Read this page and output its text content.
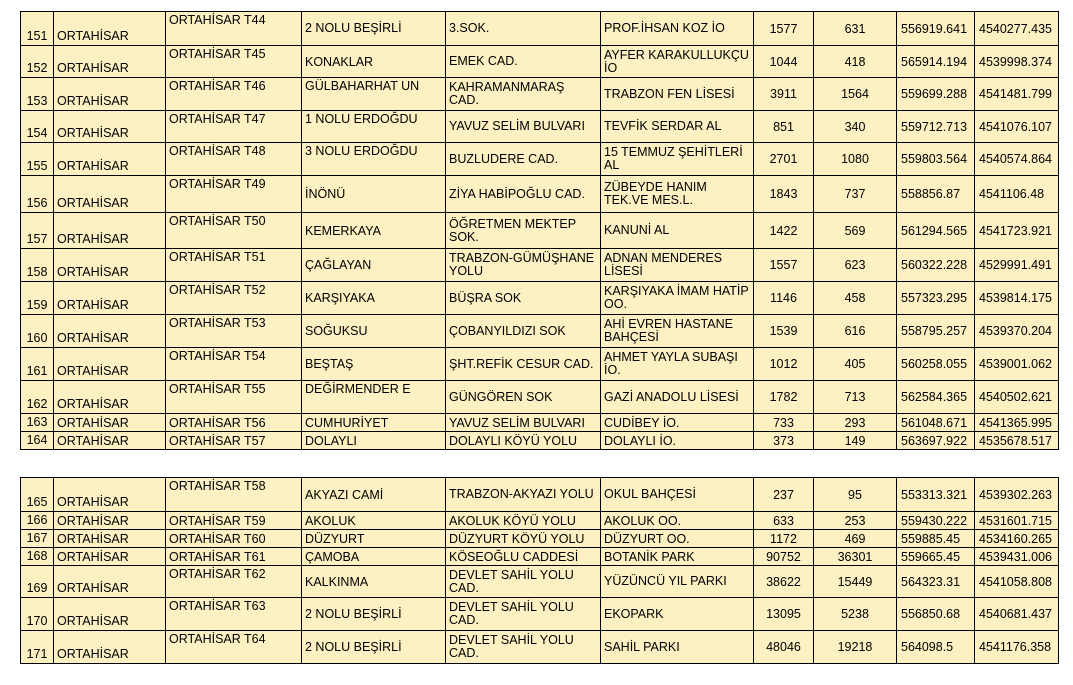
151	ORTAHİSAR	ORTAHİSAR T44	2 NOLU BEŞİRLİ	3.SOK.	PROF.İHSAN KOZ İO	1577	631	556919.641	4540277.435
152	ORTAHİSAR	ORTAHİSAR T45	KONAKLAR	EMEK CAD.	AYFER KARAKULLUKÇU İO	1044	418	565914.194	4539998.374
153	ORTAHİSAR	ORTAHİSAR T46	GÜLBAHARHAT UN	KAHRAMANMARAŞ CAD.	TRABZON FEN LİSESİ	3911	1564	559699.288	4541481.799
154	ORTAHİSAR	ORTAHİSAR T47	1 NOLU ERDOĞDU	YAVUZ SELİM BULVARI	TEVFİK SERDAR AL	851	340	559712.713	4541076.107
155	ORTAHİSAR	ORTAHİSAR T48	3 NOLU ERDOĞDU	BUZLUDERE CAD.	15 TEMMUZ ŞEHİTLERİ AL	2701	1080	559803.564	4540574.864
156	ORTAHİSAR	ORTAHİSAR T49	İNÖNÜ	ZİYA HABİPOĞLU CAD.	ZÜBEYDE HANIM TEK.VE MES.L.	1843	737	558856.87	4541106.48
157	ORTAHİSAR	ORTAHİSAR T50	KEMERKAYA	ÖĞRETMEN MEKTEP SOK.	KANUNİ AL	1422	569	561294.565	4541723.921
158	ORTAHİSAR	ORTAHİSAR T51	ÇAĞLAYAN	TRABZON-GÜMÜŞHANE YOLU	ADNAN MENDERES LİSESİ	1557	623	560322.228	4529991.491
159	ORTAHİSAR	ORTAHİSAR T52	KARŞIYAKA	BÜŞRA SOK	KARŞIYAKA İMAM HATİP OO.	1146	458	557323.295	4539814.175
160	ORTAHİSAR	ORTAHİSAR T53	SOĞUKSU	ÇOBANYILDIZI SOK	AHİ EVREN HASTANE BAHÇESİ	1539	616	558795.257	4539370.204
161	ORTAHİSAR	ORTAHİSAR T54	BEŞTAŞ	ŞHT.REFİK CESUR CAD.	AHMET YAYLA SUBAŞI İO.	1012	405	560258.055	4539001.062
162	ORTAHİSAR	ORTAHİSAR T55	DEĞİRMENDER E	GÜNGÖREN SOK	GAZİ ANADOLU LİSESİ	1782	713	562584.365	4540502.621
163	ORTAHİSAR	ORTAHİSAR T56	CUMHURİYET	YAVUZ SELİM BULVARI	CUDİBEY İO.	733	293	561048.671	4541365.995
164	ORTAHİSAR	ORTAHİSAR T57	DOLAYLI	DOLAYLI KÖYÜ YOLU	DOLAYLI İO.	373	149	563697.922	4535678.517
165	ORTAHİSAR	ORTAHİSAR T58	AKYAZI CAMİ	TRABZON-AKYAZI YOLU	OKUL BAHÇESİ	237	95	553313.321	4539302.263
166	ORTAHİSAR	ORTAHİSAR T59	AKOLUK	AKOLUK KÖYÜ YOLU	AKOLUK OO.	633	253	559430.222	4531601.715
167	ORTAHİSAR	ORTAHİSAR T60	DÜZYURT	DÜZYURT KÖYÜ YOLU	DÜZYURT OO.	1172	469	559885.45	4534160.265
168	ORTAHİSAR	ORTAHİSAR T61	ÇAMOBA	KÖSEOĞLU CADDESİ	BOTANİK PARK	90752	36301	559665.45	4539431.006
169	ORTAHİSAR	ORTAHİSAR T62	KALKINMA	DEVLET SAHİL YOLU CAD.	YÜZÜNCÜ YIL PARKI	38622	15449	564323.31	4541058.808
170	ORTAHİSAR	ORTAHİSAR T63	2 NOLU BEŞİRLİ	DEVLET SAHİL YOLU CAD.	EKOPARK	13095	5238	556850.68	4540681.437
171	ORTAHİSAR	ORTAHİSAR T64	2 NOLU BEŞİRLİ	DEVLET SAHİL YOLU CAD.	SAHİL PARKI	48046	19218	564098.5	4541176.358
